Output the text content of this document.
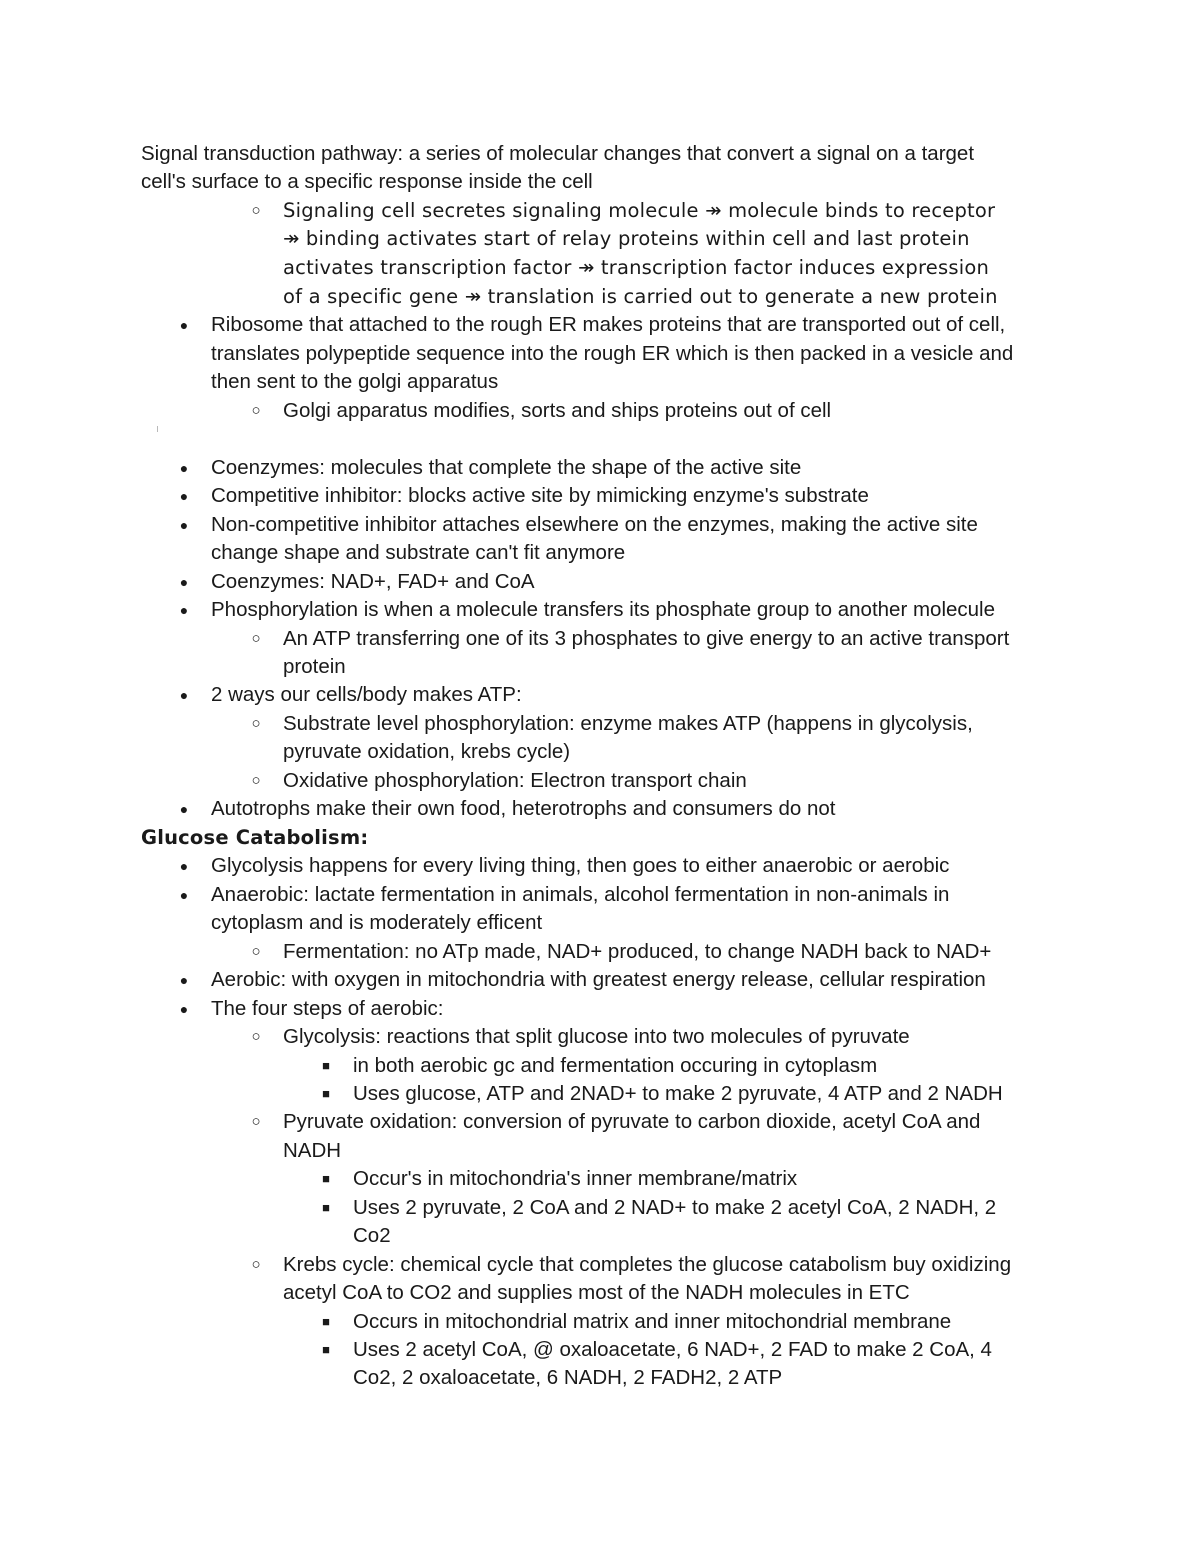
Signal transduction pathway: a series of molecular changes that convert a signal on a target
cell's surface to a specific response inside the cell
○ Signaling cell secretes signaling molecule ↠ molecule binds to receptor
↠ binding activates start of relay proteins within cell and last protein
activates transcription factor ↠ transcription factor induces expression
of a specific gene ↠ translation is carried out to generate a new protein
● Ribosome that attached to the rough ER makes proteins that are transported out of cell,
translates polypeptide sequence into the rough ER which is then packed in a vesicle and
then sent to the golgi apparatus
○ Golgi apparatus modifies, sorts and ships proteins out of cell
● Coenzymes: molecules that complete the shape of the active site
● Competitive inhibitor: blocks active site by mimicking enzyme's substrate
● Non-competitive inhibitor attaches elsewhere on the enzymes, making the active site
change shape and substrate can't fit anymore
● Coenzymes: NAD+, FAD+ and CoA
● Phosphorylation is when a molecule transfers its phosphate group to another molecule
○ An ATP transferring one of its 3 phosphates to give energy to an active transport
protein
● 2 ways our cells/body makes ATP:
○ Substrate level phosphorylation: enzyme makes ATP (happens in glycolysis,
pyruvate oxidation, krebs cycle)
○ Oxidative phosphorylation: Electron transport chain
● Autotrophs make their own food, heterotrophs and consumers do not
Glucose Catabolism:
● Glycolysis happens for every living thing, then goes to either anaerobic or aerobic
● Anaerobic: lactate fermentation in animals, alcohol fermentation in non-animals in
cytoplasm and is moderately efficent
○ Fermentation: no ATp made, NAD+ produced, to change NADH back to NAD+
● Aerobic: with oxygen in mitochondria with greatest energy release, cellular respiration
● The four steps of aerobic:
○ Glycolysis: reactions that split glucose into two molecules of pyruvate
■ in both aerobic gc and fermentation occuring in cytoplasm
■ Uses glucose, ATP and 2NAD+ to make 2 pyruvate, 4 ATP and 2 NADH
○ Pyruvate oxidation: conversion of pyruvate to carbon dioxide, acetyl CoA and
NADH
■ Occur's in mitochondria's inner membrane/matrix
■ Uses 2 pyruvate, 2 CoA and 2 NAD+ to make 2 acetyl CoA, 2 NADH, 2
Co2
○ Krebs cycle: chemical cycle that completes the glucose catabolism buy oxidizing
acetyl CoA to CO2 and supplies most of the NADH molecules in ETC
■ Occurs in mitochondrial matrix and inner mitochondrial membrane
■ Uses 2 acetyl CoA, @ oxaloacetate, 6 NAD+, 2 FAD to make 2 CoA, 4
Co2, 2 oxaloacetate, 6 NADH, 2 FADH2, 2 ATP
